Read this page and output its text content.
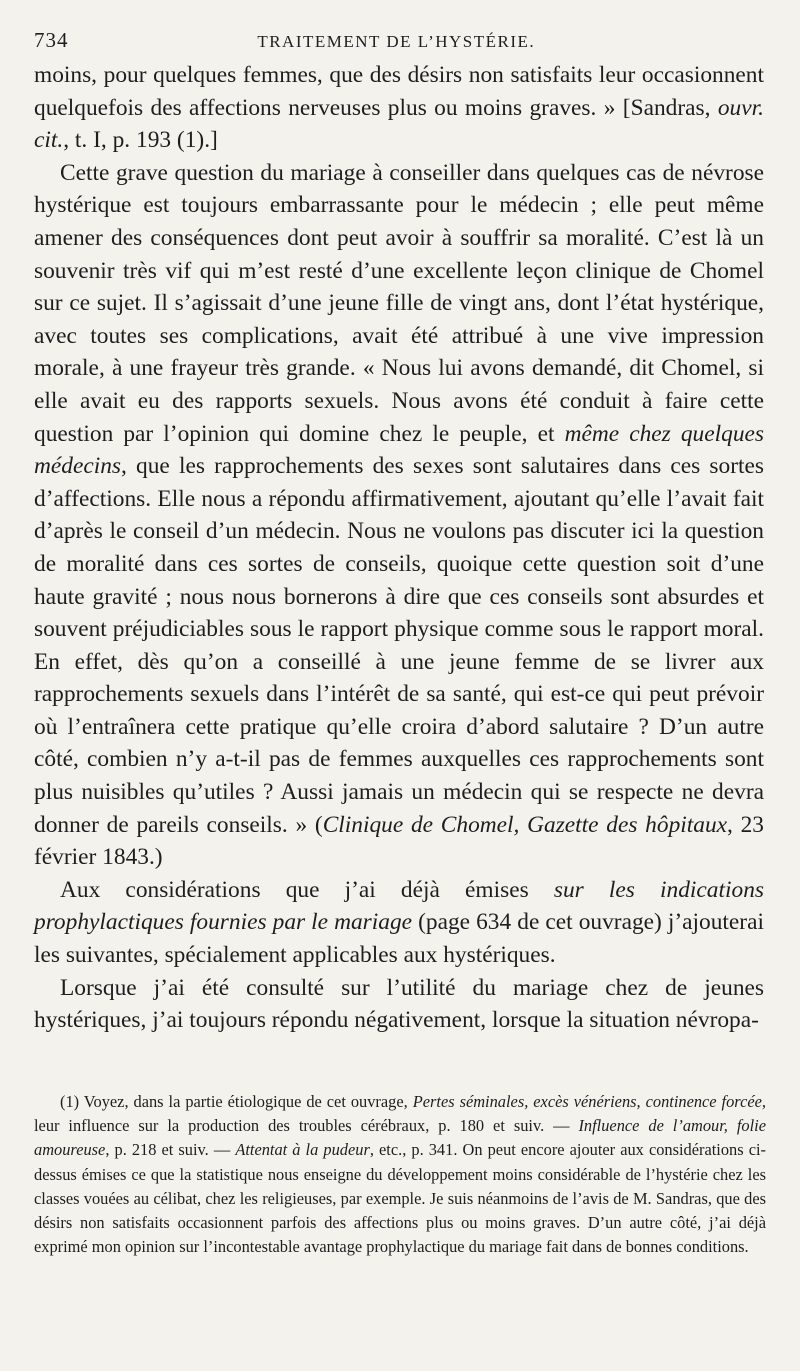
734	TRAITEMENT DE L’HYSTÉRIE.

moins, pour quelques femmes, que des désirs non satisfaits leur occasionnent quelquefois des affections nerveuses plus ou moins graves. » [Sandras, ouvr. cit., t. I, p. 193 (1).]

Cette grave question du mariage à conseiller dans quelques cas de névrose hystérique est toujours embarrassante pour le médecin ; elle peut même amener des conséquences dont peut avoir à souffrir sa moralité. C’est là un souvenir très vif qui m’est resté d’une excellente leçon clinique de Chomel sur ce sujet. Il s’agissait d’une jeune fille de vingt ans, dont l’état hystérique, avec toutes ses complications, avait été attribué à une vive impression morale, à une frayeur très grande. « Nous lui avons demandé, dit Chomel, si elle avait eu des rapports sexuels. Nous avons été conduit à faire cette question par l’opinion qui domine chez le peuple, et même chez quelques médecins, que les rapprochements des sexes sont salutaires dans ces sortes d’affections. Elle nous a répondu affirmativement, ajoutant qu’elle l’avait fait d’après le conseil d’un médecin. Nous ne voulons pas discuter ici la question de moralité dans ces sortes de conseils, quoique cette question soit d’une haute gravité ; nous nous bornerons à dire que ces conseils sont absurdes et souvent préjudiciables sous le rapport physique comme sous le rapport moral. En effet, dès qu’on a conseillé à une jeune femme de se livrer aux rapprochements sexuels dans l’intérêt de sa santé, qui est-ce qui peut prévoir où l’entraînera cette pratique qu’elle croira d’abord salutaire ? D’un autre côté, combien n’y a-t-il pas de femmes auxquelles ces rapprochements sont plus nuisibles qu’utiles ? Aussi jamais un médecin qui se respecte ne devra donner de pareils conseils. » (Clinique de Chomel, Gazette des hôpitaux, 23 février 1843.)

Aux considérations que j’ai déjà émises sur les indications prophylactiques fournies par le mariage (page 634 de cet ouvrage) j’ajouterai les suivantes, spécialement applicables aux hystériques.

Lorsque j’ai été consulté sur l’utilité du mariage chez de jeunes hystériques, j’ai toujours répondu négativement, lorsque la situation névropa-

(1) Voyez, dans la partie étiologique de cet ouvrage, Pertes séminales, excès vénériens, continence forcée, leur influence sur la production des troubles cérébraux, p. 180 et suiv. — Influence de l’amour, folie amoureuse, p. 218 et suiv. — Attentat à la pudeur, etc., p. 341. On peut encore ajouter aux considérations ci-dessus émises ce que la statistique nous enseigne du développement moins considérable de l’hystérie chez les classes vouées au célibat, chez les religieuses, par exemple. Je suis néanmoins de l’avis de M. Sandras, que des désirs non satisfaits occasionnent parfois des affections plus ou moins graves. D’un autre côté, j’ai déjà exprimé mon opinion sur l’incontestable avantage prophylactique du mariage fait dans de bonnes conditions.
